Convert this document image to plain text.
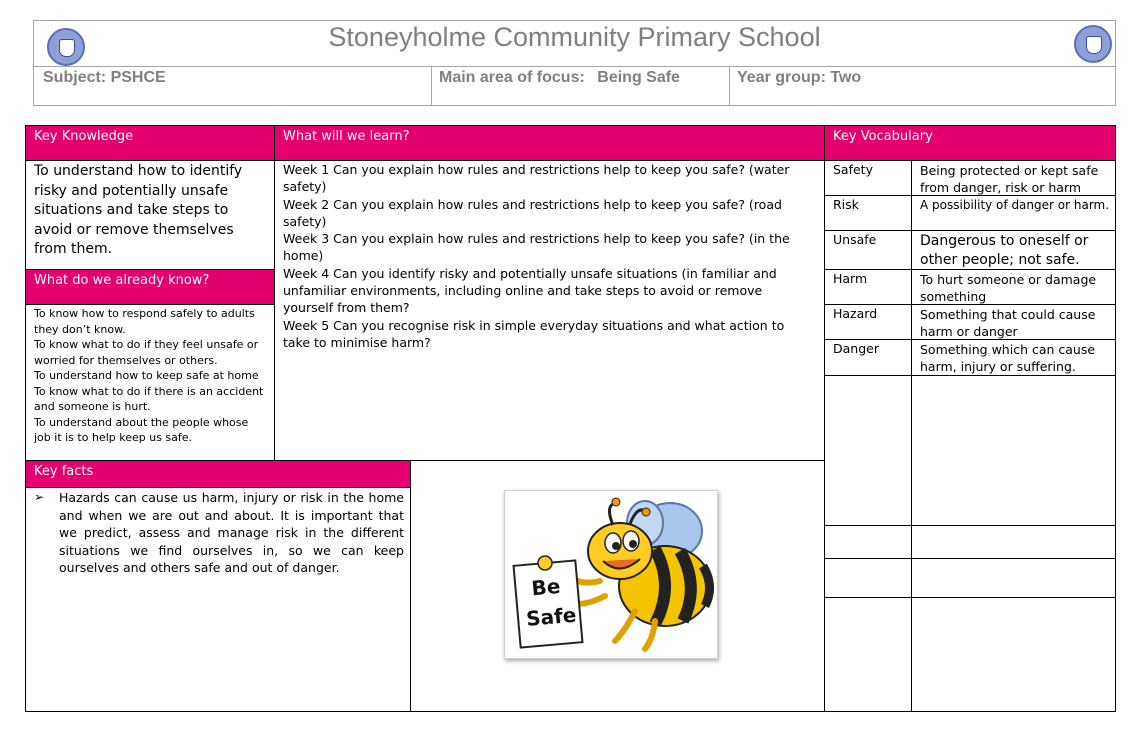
Stoneyholme Community Primary School
Subject: PSHCE	Main area of focus: Being Safe	Year group: Two
Key Knowledge	What will we learn?	Key Vocabulary
What do we already know?
Key facts
To understand how to identify risky and potentially unsafe situations and take steps to avoid or remove themselves from them.
To know how to respond safely to adults they don’t know.
To know what to do if they feel unsafe or worried for themselves or others.
To understand how to keep safe at home
To know what to do if there is an accident and someone is hurt.
To understand about the people whose job it is to help keep us safe.
Week 1 Can you explain how rules and restrictions help to keep you safe? (water safety)
Week 2 Can you explain how rules and restrictions help to keep you safe? (road safety)
Week 3 Can you explain how rules and restrictions help to keep you safe? (in the home)
Week 4 Can you identify risky and potentially unsafe situations (in familiar and unfamiliar environments, including online and take steps to avoid or remove yourself from them?
Week 5 Can you recognise risk in simple everyday situations and what action to take to minimise harm?
Safety	Being protected or kept safe from danger, risk or harm
Risk	A possibility of danger or harm.
Unsafe	Dangerous to oneself or other people; not safe.
Harm	To hurt someone or damage something
Hazard	Something that could cause harm or danger
Danger	Something which can cause harm, injury or suffering.
➢ Hazards can cause us harm, injury or risk in the home and when we are out and about. It is important that we predict, assess and manage risk in the different situations we find ourselves in, so we can keep ourselves and others safe and out of danger.
Be
Safe
